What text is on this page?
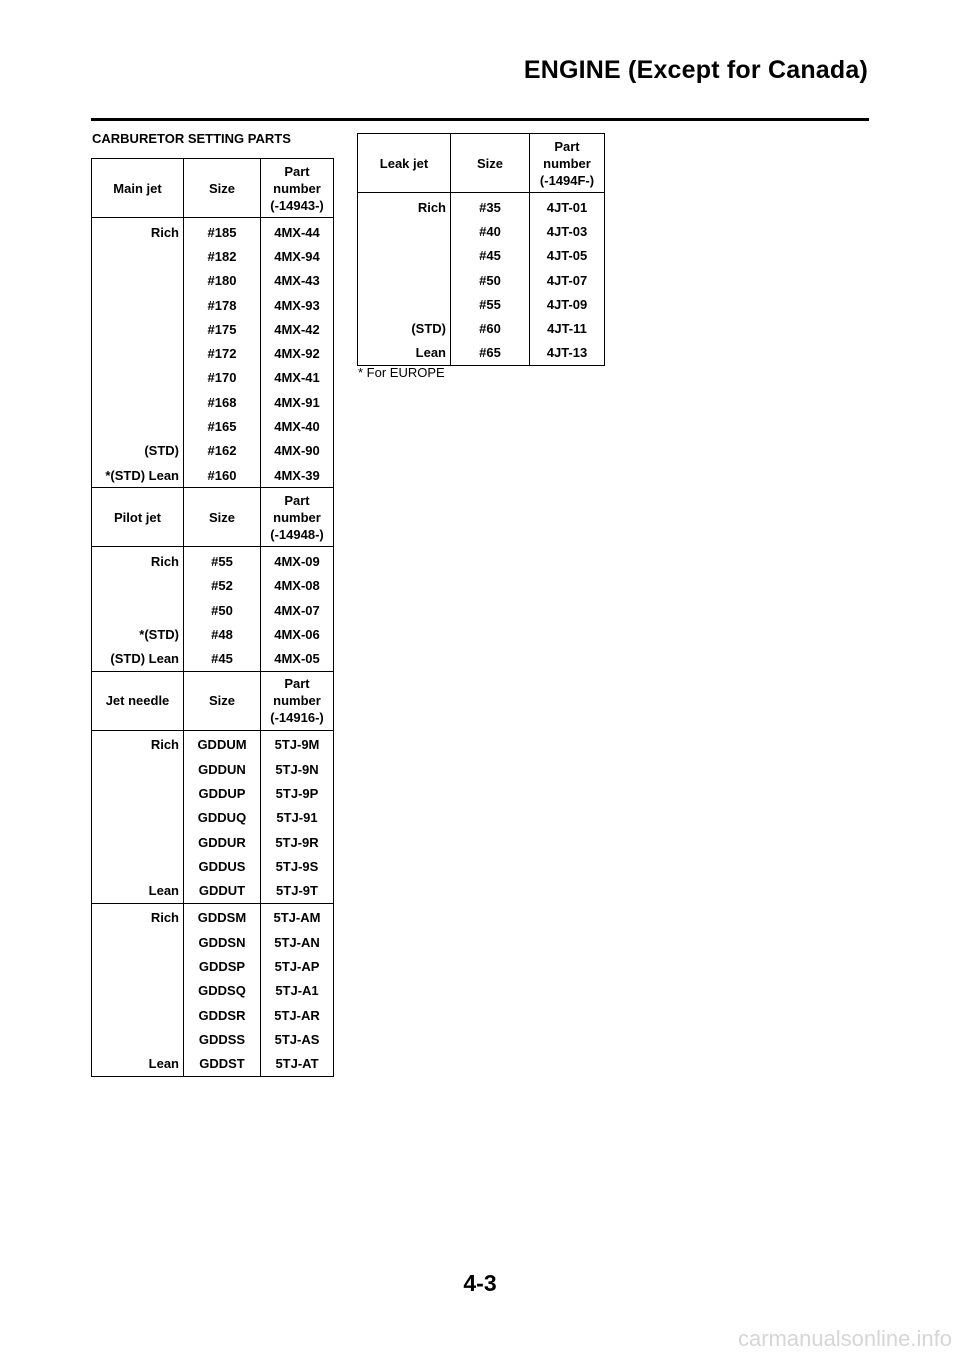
ENGINE (Except for Canada)
CARBURETOR SETTING PARTS
Main jet	Size	Part
number
(-14943-)
Rich	#185	4MX-44
	#182	4MX-94
	#180	4MX-43
	#178	4MX-93
	#175	4MX-42
	#172	4MX-92
	#170	4MX-41
	#168	4MX-91
	#165	4MX-40
(STD)	#162	4MX-90
*(STD) Lean	#160	4MX-39
Pilot jet	Size	Part
number
(-14948-)
Rich	#55	4MX-09
	#52	4MX-08
	#50	4MX-07
*(STD)	#48	4MX-06
(STD) Lean	#45	4MX-05
Jet needle	Size	Part
number
(-14916-)
Rich	GDDUM	5TJ-9M
	GDDUN	5TJ-9N
	GDDUP	5TJ-9P
	GDDUQ	5TJ-91
	GDDUR	5TJ-9R
	GDDUS	5TJ-9S
Lean	GDDUT	5TJ-9T
Rich	GDDSM	5TJ-AM
	GDDSN	5TJ-AN
	GDDSP	5TJ-AP
	GDDSQ	5TJ-A1
	GDDSR	5TJ-AR
	GDDSS	5TJ-AS
Lean	GDDST	5TJ-AT
Leak jet	Size	Part
number
(-1494F-)
Rich	#35	4JT-01
	#40	4JT-03
	#45	4JT-05
	#50	4JT-07
	#55	4JT-09
(STD)	#60	4JT-11
Lean	#65	4JT-13
* For EUROPE
4-3
carmanualsonline.info
